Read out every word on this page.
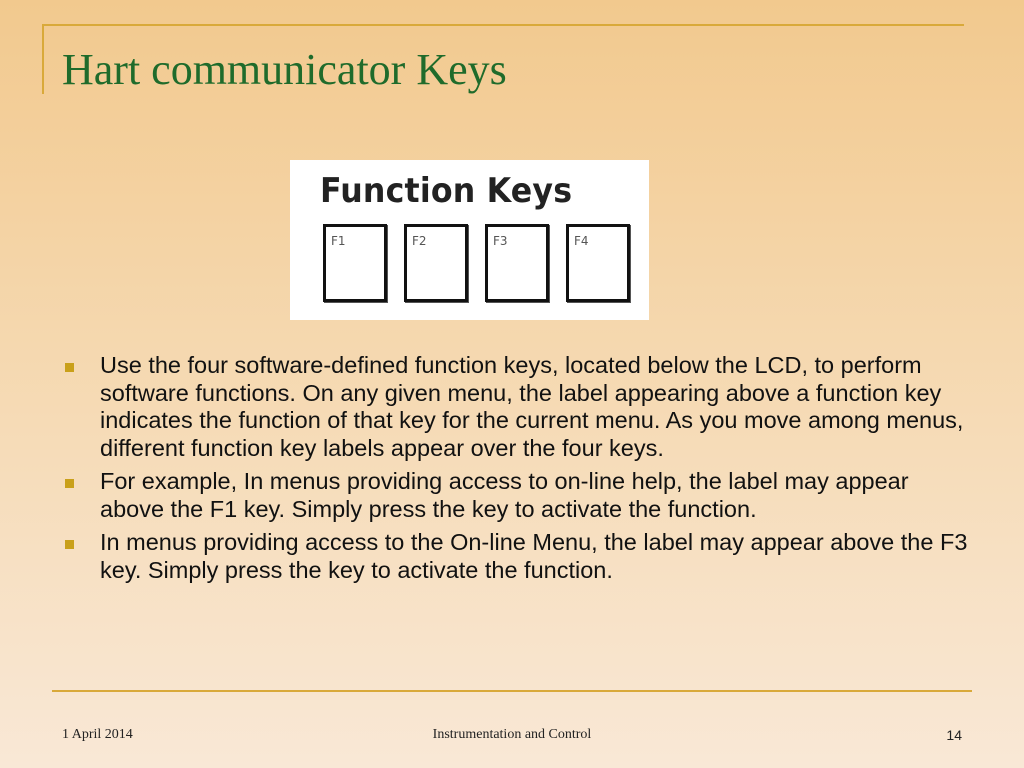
Hart communicator Keys
Function Keys
F1	F2	F3	F4
Use the four software-defined function keys, located below the LCD, to perform software functions. On any given menu, the label appearing above a function key indicates the function of that key for the current menu. As you move among menus, different function key labels appear over the four keys.
For example, In menus providing access to on-line help, the label may appear above the F1 key. Simply press the key to activate the function.
In menus providing access to the On-line Menu, the label may appear above the F3 key. Simply press the key to activate the function.
1 April 2014	Instrumentation and Control	14
